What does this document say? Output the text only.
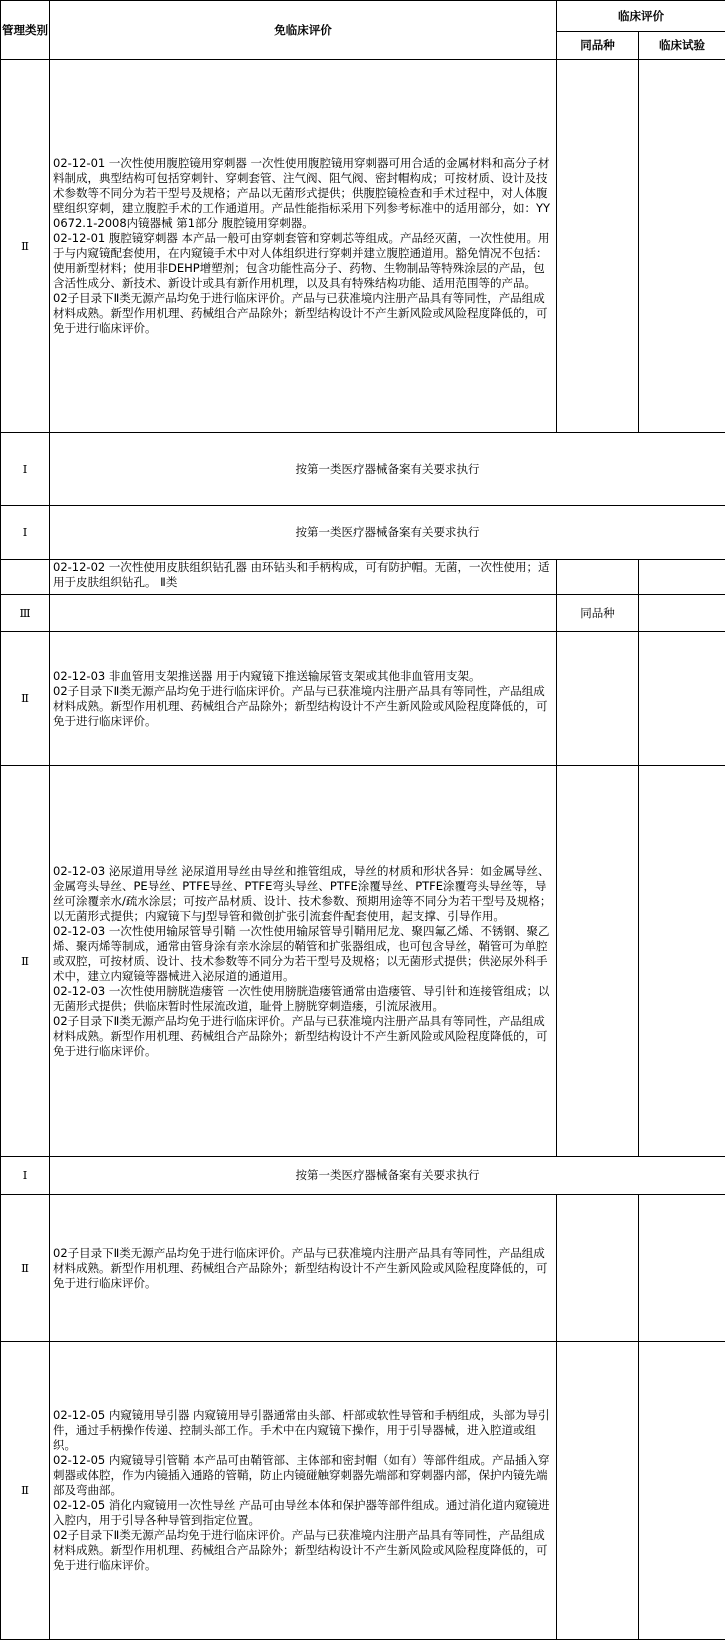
管理类别	免临床评价	临床评价	
		同品种	临床试验
Ⅱ	02-12-01 一次性使用腹腔镜用穿刺器 一次性使用腹腔镜用穿刺器可用合适的金属材料和高分子材料制成，典型结构可包括穿刺针、穿刺套管、注气阀、阻气阀、密封帽构成；可按材质、设计及技术参数等不同分为若干型号及规格；产品以无菌形式提供；供腹腔镜检查和手术过程中，对人体腹壁组织穿刺，建立腹腔手术的工作通道用。产品性能指标采用下列参考标准中的适用部分，如：YY 0672.1-2008内镜器械 第1部分 腹腔镜用穿刺器。

02-12-01 腹腔镜穿刺器 本产品一般可由穿刺套管和穿刺芯等组成。产品经灭菌，一次性使用。用于与内窥镜配套使用，在内窥镜手术中对人体组织进行穿刺并建立腹腔通道用。豁免情况不包括：使用新型材料；使用非DEHP增塑剂；包含功能性高分子、药物、生物制品等特殊涂层的产品，包含活性成分、新技术、新设计或具有新作用机理，以及具有特殊结构功能、适用范围等的产品。

02子目录下Ⅱ类无源产品均免于进行临床评价。产品与已获准境内注册产品具有等同性，产品组成材料成熟。新型作用机理、药械组合产品除外；新型结构设计不产生新风险或风险程度降低的，可免于进行临床评价。		

Ⅰ	按第一类医疗器械备案有关要求执行		
Ⅰ	按第一类医疗器械备案有关要求执行		

	02-12-02 一次性使用皮肤组织钻孔器 由环钻头和手柄构成，可有防护帽。无菌，一次性使用；适用于皮肤组织钻孔。 Ⅱ类		

Ⅲ		同品种	
Ⅱ	02-12-03 非血管用支架推送器 用于内窥镜下推送输尿管支架或其他非血管用支架。

02子目录下Ⅱ类无源产品均免于进行临床评价。产品与已获准境内注册产品具有等同性，产品组成材料成熟。新型作用机理、药械组合产品除外；新型结构设计不产生新风险或风险程度降低的，可免于进行临床评价。		

Ⅱ	02-12-03 泌尿道用导丝 泌尿道用导丝由导丝和推管组成，导丝的材质和形状各异：如金属导丝、金属弯头导丝、PE导丝、PTFE导丝、PTFE弯头导丝、PTFE涂覆导丝、PTFE涂覆弯头导丝等，导丝可涂覆亲水/疏水涂层；可按产品材质、设计、技术参数、预期用途等不同分为若干型号及规格；以无菌形式提供；内窥镜下与J型导管和微创扩张引流套件配套使用，起支撑、引导作用。

02-12-03 一次性使用输尿管导引鞘 一次性使用输尿管导引鞘用尼龙、聚四氟乙烯、不锈钢、聚乙烯、聚丙烯等制成，通常由管身涂有亲水涂层的鞘管和扩张器组成，也可包含导丝，鞘管可为单腔或双腔，可按材质、设计、技术参数等不同分为若干型号及规格；以无菌形式提供；供泌尿外科手术中，建立内窥镜等器械进入泌尿道的通道用。

02-12-03 一次性使用膀胱造瘘管 一次性使用膀胱造瘘管通常由造瘘管、导引针和连接管组成；以无菌形式提供；供临床暂时性尿流改道，耻骨上膀胱穿刺造瘘，引流尿液用。

02子目录下Ⅱ类无源产品均免于进行临床评价。产品与已获准境内注册产品具有等同性，产品组成材料成熟。新型作用机理、药械组合产品除外；新型结构设计不产生新风险或风险程度降低的，可免于进行临床评价。		

Ⅰ	按第一类医疗器械备案有关要求执行		
Ⅱ	02子目录下Ⅱ类无源产品均免于进行临床评价。产品与已获准境内注册产品具有等同性，产品组成材料成熟。新型作用机理、药械组合产品除外；新型结构设计不产生新风险或风险程度降低的，可免于进行临床评价。		

Ⅱ	02-12-05 内窥镜用导引器 内窥镜用导引器通常由头部、杆部或软性导管和手柄组成，头部为导引件，通过手柄操作传递、控制头部工作。手术中在内窥镜下操作，用于引导器械，进入腔道或组织。

02-12-05 内窥镜导引管鞘 本产品可由鞘管部、主体部和密封帽（如有）等部件组成。产品插入穿刺器或体腔，作为内镜插入通路的管鞘，防止内镜碰触穿刺器先端部和穿刺器内部，保护内镜先端部及弯曲部。

02-12-05 消化内窥镜用一次性导丝 产品可由导丝本体和保护器等部件组成。通过消化道内窥镜进入腔内，用于引导各种导管到指定位置。

02子目录下Ⅱ类无源产品均免于进行临床评价。产品与已获准境内注册产品具有等同性，产品组成材料成熟。新型作用机理、药械组合产品除外；新型结构设计不产生新风险或风险程度降低的，可免于进行临床评价。		
